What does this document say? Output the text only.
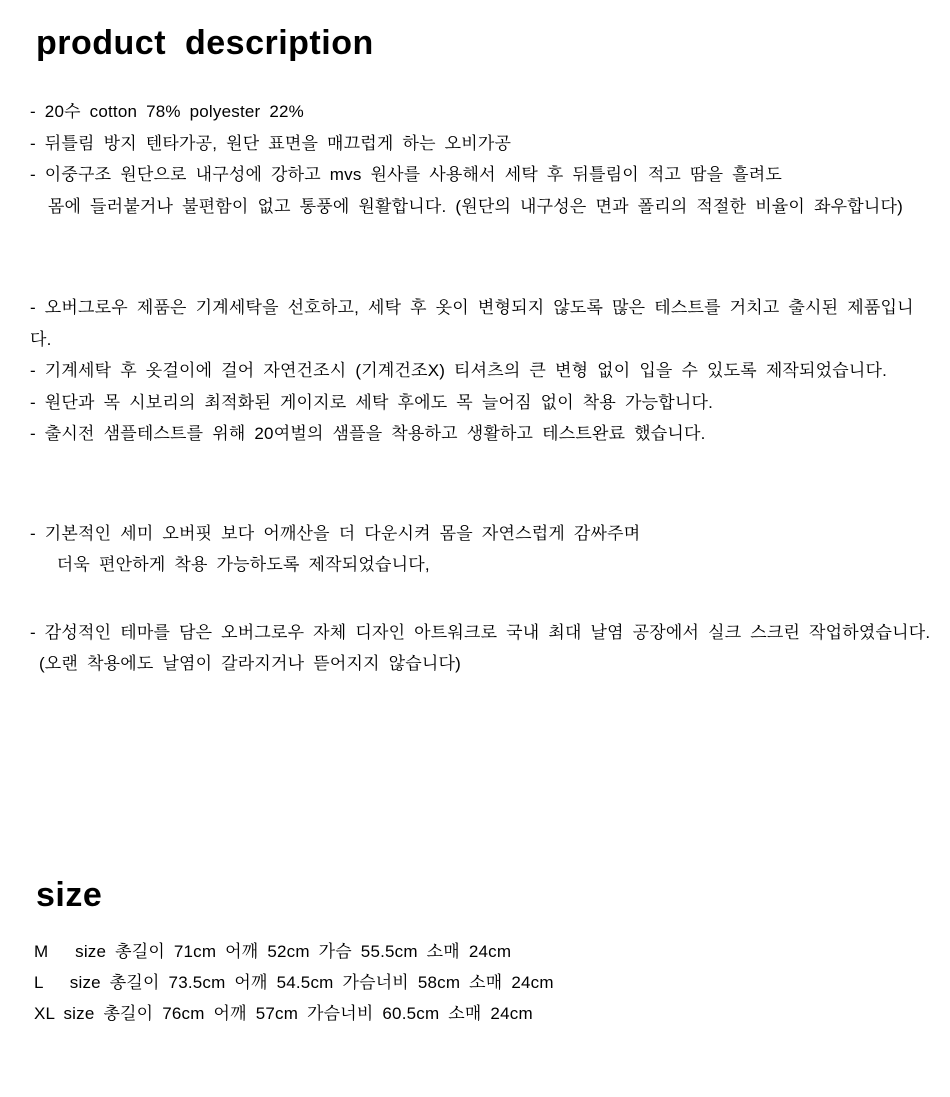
product description
- 20수 cotton 78% polyester 22%
- 뒤틀림 방지 텐타가공, 원단 표면을 매끄럽게 하는 오비가공
- 이중구조 원단으로 내구성에 강하고 mvs 원사를 사용해서 세탁 후 뒤틀림이 적고 땀을 흘려도
몸에 들러붙거나 불편함이 없고 통풍에 원활합니다. (원단의 내구성은 면과 폴리의 적절한 비율이 좌우합니다)
- 오버그로우 제품은 기계세탁을 선호하고, 세탁 후 옷이 변형되지 않도록 많은 테스트를 거치고 출시된 제품입니다.
- 기계세탁 후 옷걸이에 걸어 자연건조시 (기계건조X) 티셔츠의 큰 변형 없이 입을 수 있도록 제작되었습니다.
- 원단과 목 시보리의 최적화된 게이지로 세탁 후에도 목 늘어짐 없이 착용 가능합니다.
- 출시전 샘플테스트를 위해 20여벌의 샘플을 착용하고 생활하고 테스트완료 했습니다.
- 기본적인 세미 오버핏 보다 어깨산을 더 다운시켜 몸을 자연스럽게 감싸주며
더욱 편안하게 착용 가능하도록 제작되었습니다,
- 감성적인 테마를 담은 오버그로우 자체 디자인 아트워크로 국내 최대 날염 공장에서 실크 스크린 작업하였습니다.
(오랜 착용에도 날염이 갈라지거나 뜯어지지 않습니다)
size
M   size 총길이 71cm 어깨 52cm 가슴 55.5cm 소매 24cm
L   size 총길이 73.5cm 어깨 54.5cm 가슴너비 58cm 소매 24cm
XL size 총길이 76cm 어깨 57cm 가슴너비 60.5cm 소매 24cm
